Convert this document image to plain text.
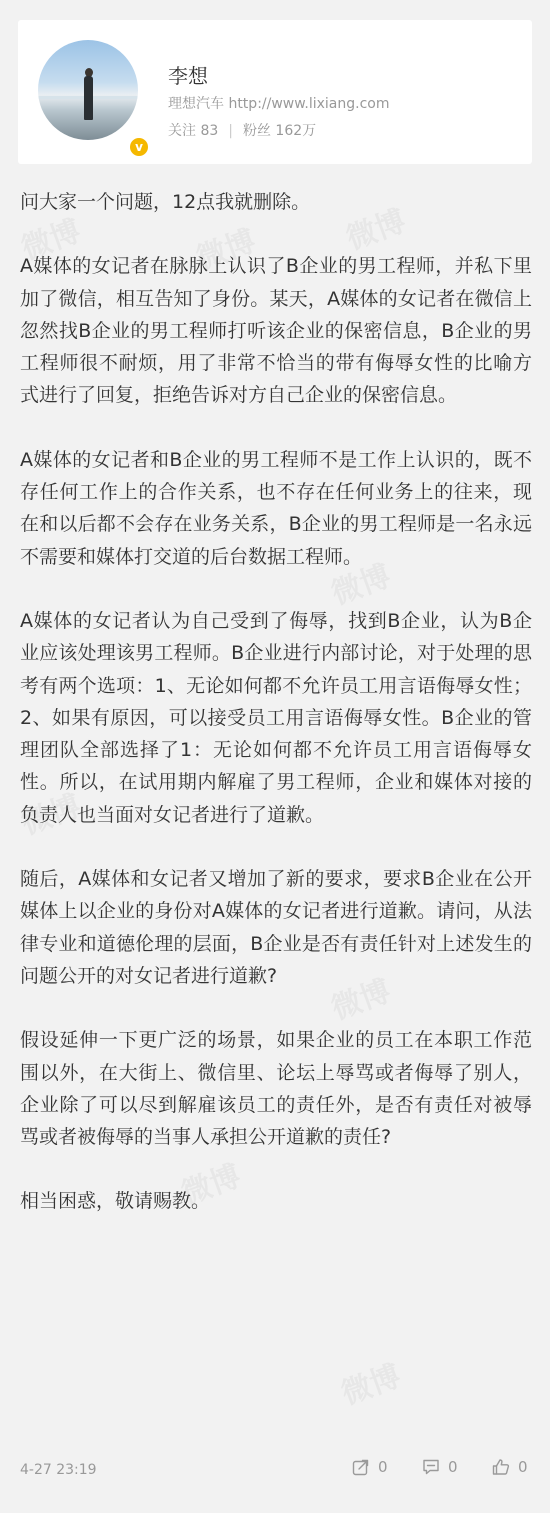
v
李想
理想汽车 http://www.lixiang.com
关注 83 | 粉丝 162万

问大家一个问题，12点我就删除。

A媒体的女记者在脉脉上认识了B企业的男工程师，并私下里加了微信，相互告知了身份。某天，A媒体的女记者在微信上忽然找B企业的男工程师打听该企业的保密信息，B企业的男工程师很不耐烦，用了非常不恰当的带有侮辱女性的比喻方式进行了回复，拒绝告诉对方自己企业的保密信息。

A媒体的女记者和B企业的男工程师不是工作上认识的，既不存任何工作上的合作关系，也不存在任何业务上的往来，现在和以后都不会存在业务关系，B企业的男工程师是一名永远不需要和媒体打交道的后台数据工程师。

A媒体的女记者认为自己受到了侮辱，找到B企业，认为B企业应该处理该男工程师。B企业进行内部讨论，对于处理的思考有两个选项：1、无论如何都不允许员工用言语侮辱女性；2、如果有原因，可以接受员工用言语侮辱女性。B企业的管理团队全部选择了1：无论如何都不允许员工用言语侮辱女性。所以，在试用期内解雇了男工程师，企业和媒体对接的负责人也当面对女记者进行了道歉。

随后，A媒体和女记者又增加了新的要求，要求B企业在公开媒体上以企业的身份对A媒体的女记者进行道歉。请问，从法律专业和道德伦理的层面，B企业是否有责任针对上述发生的问题公开的对女记者进行道歉?

假设延伸一下更广泛的场景，如果企业的员工在本职工作范围以外，在大街上、微信里、论坛上辱骂或者侮辱了别人，企业除了可以尽到解雇该员工的责任外，是否有责任对被辱骂或者被侮辱的当事人承担公开道歉的责任?

相当困惑，敬请赐教。

4-27 23:19	0	0	0
